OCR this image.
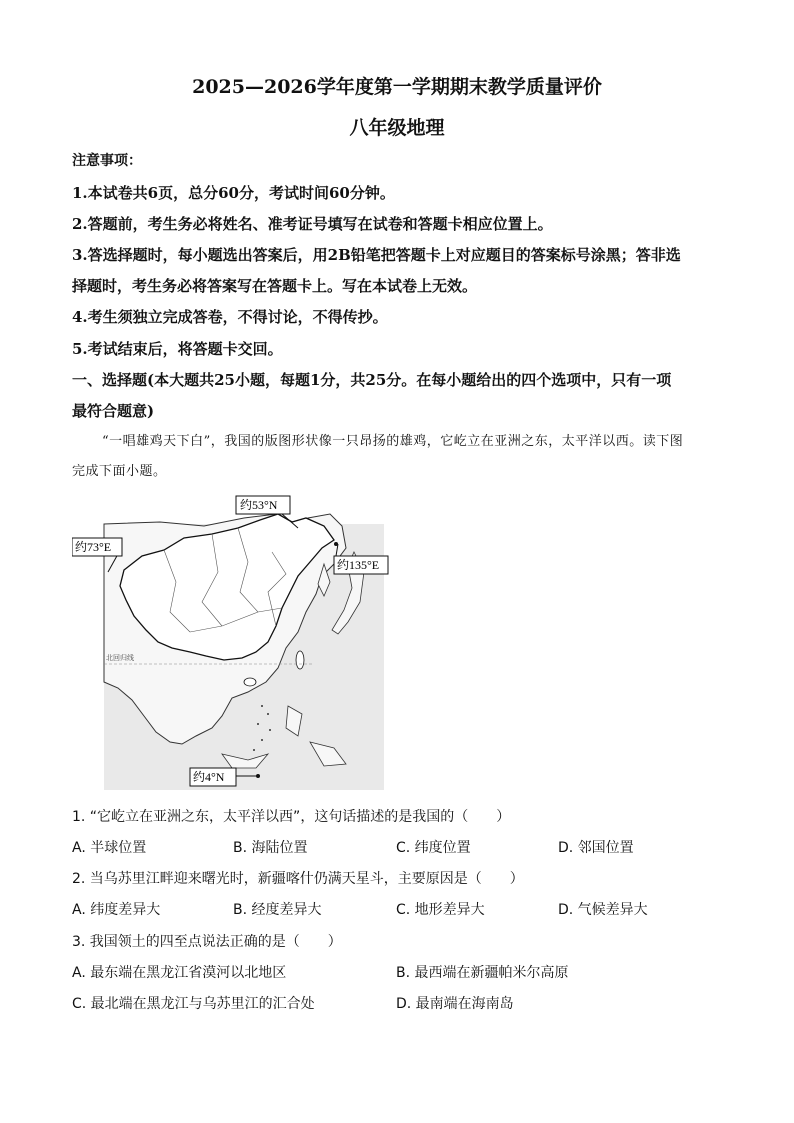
2025—2026学年度第一学期期末教学质量评价
八年级地理
注意事项：
1.本试卷共6页，总分60分，考试时间60分钟。
2.答题前，考生务必将姓名、准考证号填写在试卷和答题卡相应位置上。
3.答选择题时，每小题选出答案后，用2B铅笔把答题卡上对应题目的答案标号涂黑；答非选
择题时，考生务必将答案写在答题卡上。写在本试卷上无效。
4.考生须独立完成答卷，不得讨论，不得传抄。
5.考试结束后，将答题卡交回。
一、选择题(本大题共25小题，每题1分，共25分。在每小题给出的四个选项中，只有一项
最符合题意)
“一唱雄鸡天下白”，我国的版图形状像一只昂扬的雄鸡，它屹立在亚洲之东，太平洋以西。读下图
完成下面小题。
北回归线
约53°N
约73°E
约135°E
约4°N
1. “它屹立在亚洲之东，太平洋以西”，这句话描述的是我国的（　　）
A. 半球位置	B. 海陆位置	C. 纬度位置	D. 邻国位置
2. 当乌苏里江畔迎来曙光时，新疆喀什仍满天星斗，主要原因是（　　）
A. 纬度差异大	B. 经度差异大	C. 地形差异大	D. 气候差异大
3. 我国领土的四至点说法正确的是（　　）
A. 最东端在黑龙江省漠河以北地区	B. 最西端在新疆帕米尔高原
C. 最北端在黑龙江与乌苏里江的汇合处	D. 最南端在海南岛
